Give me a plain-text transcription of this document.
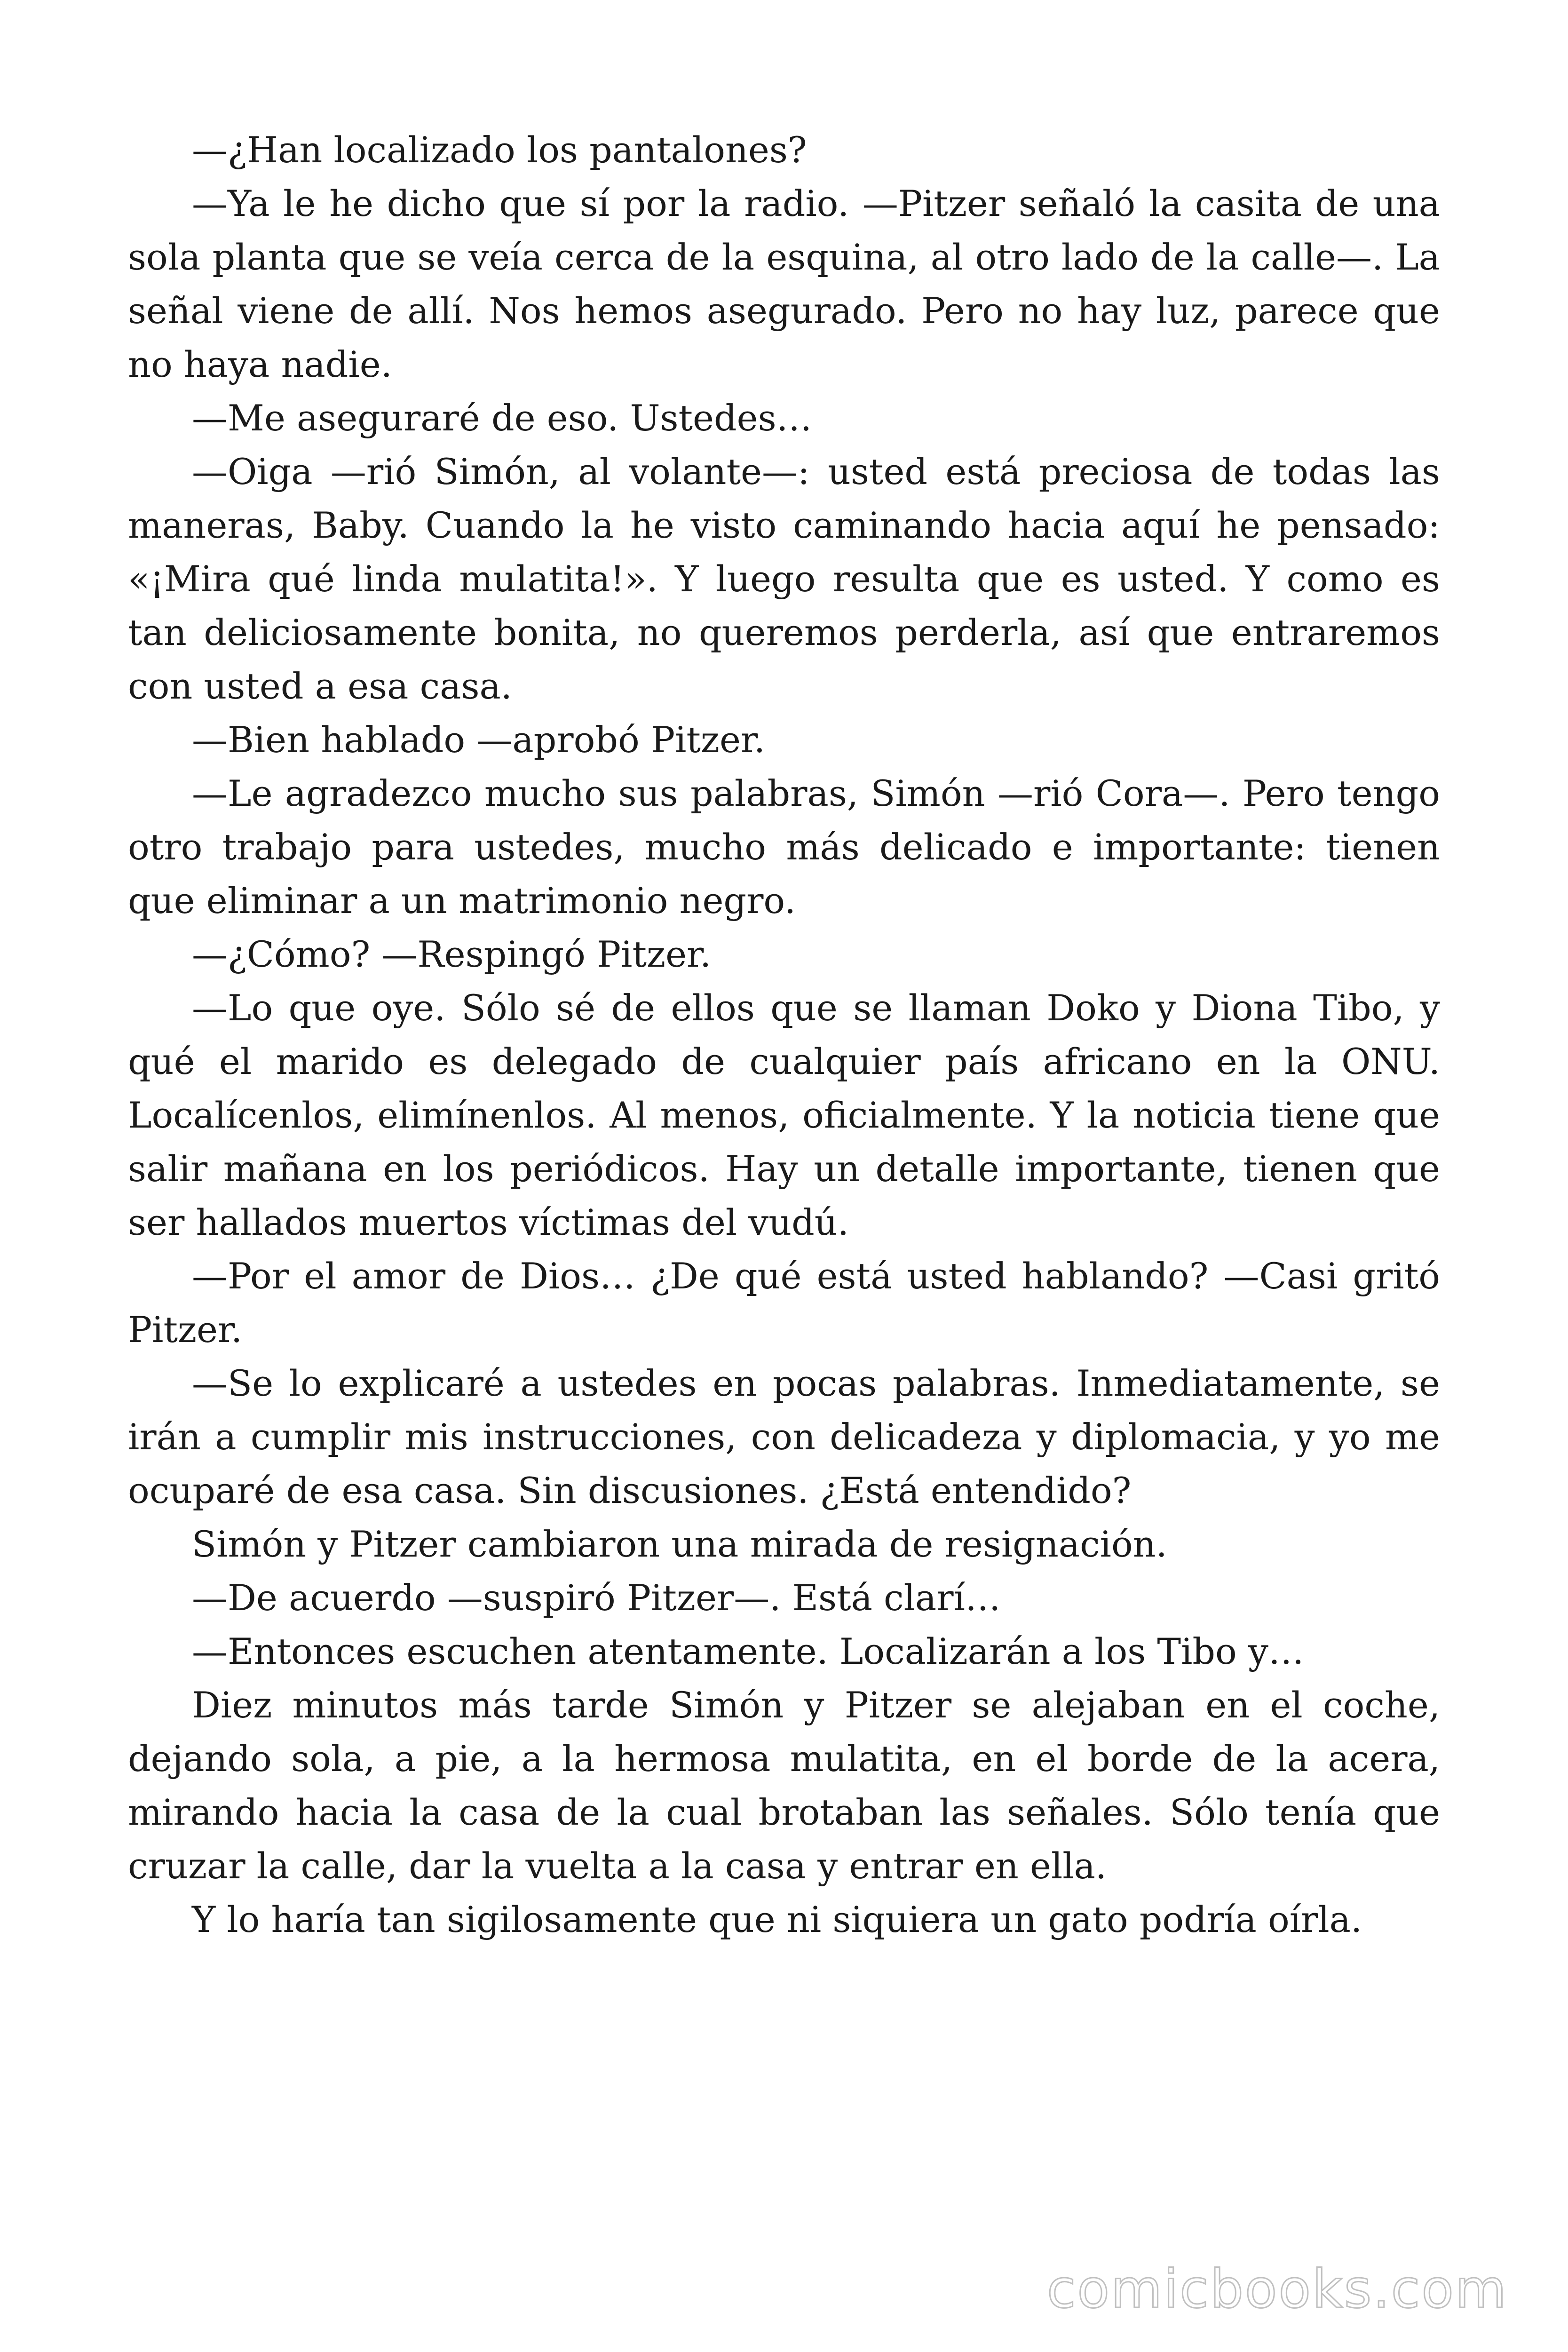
—¿Han localizado los pantalones?

—Ya le he dicho que sí por la radio. —Pitzer señaló la casita de una sola planta que se veía cerca de la esquina, al otro lado de la calle—. La señal viene de allí. Nos hemos asegurado. Pero no hay luz, parece que no haya nadie.

—Me aseguraré de eso. Ustedes…

—Oiga —rió Simón, al volante—: usted está preciosa de todas las maneras, Baby. Cuando la he visto caminando hacia aquí he pensado: «¡Mira qué linda mulatita!». Y luego resulta que es usted. Y como es tan deliciosamente bonita, no queremos perderla, así que entraremos con usted a esa casa.

—Bien hablado —aprobó Pitzer.

—Le agradezco mucho sus palabras, Simón —rió Cora—. Pero tengo otro trabajo para ustedes, mucho más delicado e importante: tienen que eliminar a un matrimonio negro.

—¿Cómo? —Respingó Pitzer.

—Lo que oye. Sólo sé de ellos que se llaman Doko y Diona Tibo, y qué el marido es delegado de cualquier país africano en la ONU. Localícenlos, elimínenlos. Al menos, oficialmente. Y la noticia tiene que salir mañana en los periódicos. Hay un detalle importante, tienen que ser hallados muertos víctimas del vudú.

—Por el amor de Dios… ¿De qué está usted hablando? —Casi gritó Pitzer.

—Se lo explicaré a ustedes en pocas palabras. Inmediatamente, se irán a cumplir mis instrucciones, con delicadeza y diplomacia, y yo me ocuparé de esa casa. Sin discusiones. ¿Está entendido?

Simón y Pitzer cambiaron una mirada de resignación.

—De acuerdo —suspiró Pitzer—. Está clarí…

—Entonces escuchen atentamente. Localizarán a los Tibo y…

Diez minutos más tarde Simón y Pitzer se alejaban en el coche, dejando sola, a pie, a la hermosa mulatita, en el borde de la acera, mirando hacia la casa de la cual brotaban las señales. Sólo tenía que cruzar la calle, dar la vuelta a la casa y entrar en ella.

Y lo haría tan sigilosamente que ni siquiera un gato podría oírla.

comicbooks.com
